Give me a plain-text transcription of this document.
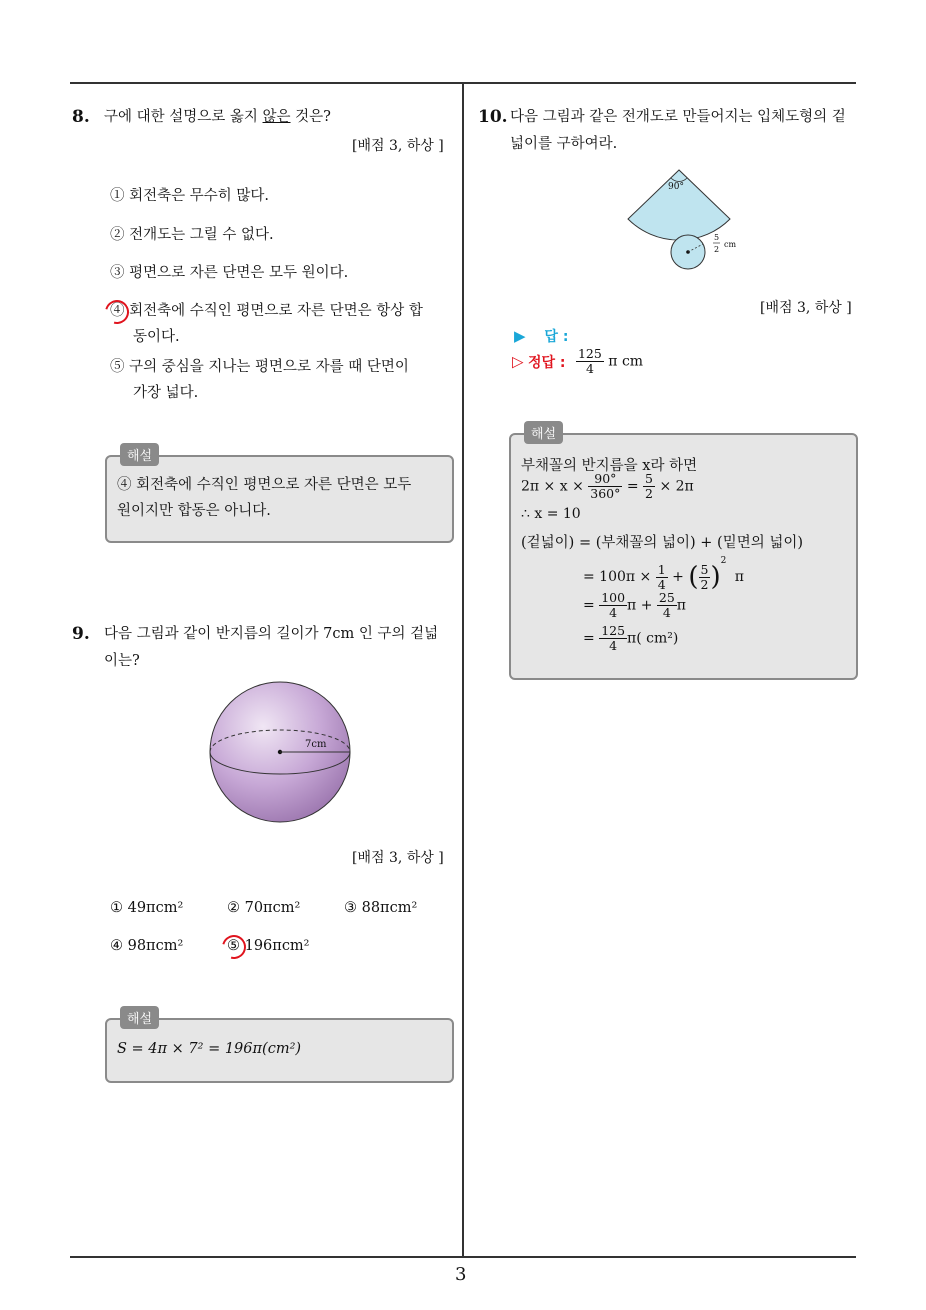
3
8. 구에 대한 설명으로 옳지 않은 것은?
[배점 3, 하상 ]
① 회전축은 무수히 많다.
② 전개도는 그릴 수 없다.
③ 평면으로 자른 단면은 모두 원이다.
④ 회전축에 수직인 평면으로 자른 단면은 항상 합
동이다.
⑤ 구의 중심을 지나는 평면으로 자를 때 단면이
가장 넓다.
해설
④ 회전축에 수직인 평면으로 자른 단면은 모두
원이지만 합동은 아니다.
9. 다음 그림과 같이 반지름의 길이가 7cm 인 구의 겉넓
이는?
7cm
[배점 3, 하상 ]
① 49πcm²	② 70πcm²	③ 88πcm²
④ 98πcm²	⑤ 196πcm²
해설
S = 4π × 7² = 196π(cm²)
10. 다음 그림과 같은 전개도로 만들어지는 입체도형의 겉
넓이를 구하여라.
90°
5
2
cm
[배점 3, 하상 ]
▶ 답 :
▷ 정답 : $\frac{125}{4}$ π cm
해설
부채꼴의 반지름을 x라 하면
$2\pi \times x \times \frac{90^\circ}{360^\circ} = \frac{5}{2} \times 2\pi$
∴ x = 10
(겉넓이) = (부채꼴의 넓이) + (밑면의 넓이)
= $100\pi \times \frac{1}{4}$ + ( $\frac{5}{2} )^2$ π
= $\frac{100}{4}$ $\pi + \frac{25}{4}$ π
= $\frac{125}{4} \pi$( cm²)
